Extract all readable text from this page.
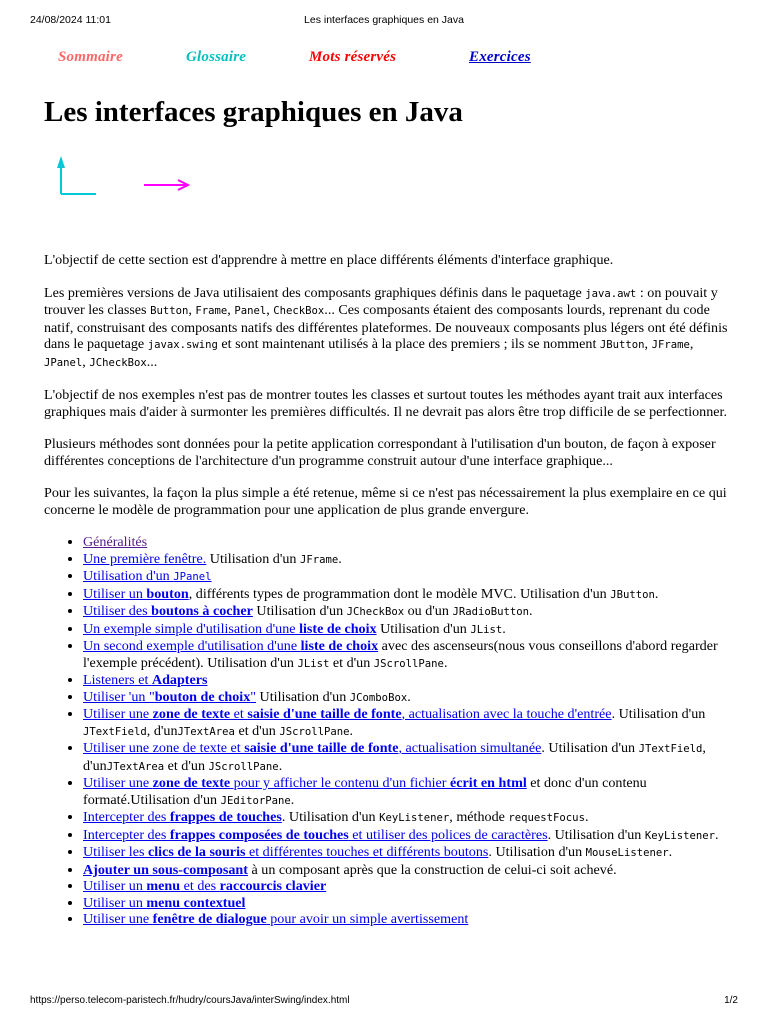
24/08/2024 11:01	Les interfaces graphiques en Java
Sommaire	Glossaire	Mots réservés	Exercices
Les interfaces graphiques en Java

L'objectif de cette section est d'apprendre à mettre en place différents éléments d'interface graphique.

Les premières versions de Java utilisaient des composants graphiques définis dans le paquetage java.awt : on pouvait y trouver les classes Button, Frame, Panel, CheckBox... Ces composants étaient des composants lourds, reprenant du code natif, construisant des composants natifs des différentes plateformes. De nouveaux composants plus légers ont été définis dans le paquetage javax.swing et sont maintenant utilisés à la place des premiers ; ils se nomment JButton, JFrame, JPanel, JCheckBox...

L'objectif de nos exemples n'est pas de montrer toutes les classes et surtout toutes les méthodes ayant trait aux interfaces graphiques mais d'aider à surmonter les premières difficultés. Il ne devrait pas alors être trop difficile de se perfectionner.

Plusieurs méthodes sont données pour la petite application correspondant à l'utilisation d'un bouton, de façon à exposer différentes conceptions de l'architecture d'un programme construit autour d'une interface graphique...

Pour les suivantes, la façon la plus simple a été retenue, même si ce n'est pas nécessairement la plus exemplaire en ce qui concerne le modèle de programmation pour une application de plus grande envergure.

• Généralités
• Une première fenêtre. Utilisation d'un JFrame.
• Utilisation d'un JPanel
• Utiliser un bouton, différents types de programmation dont le modèle MVC. Utilisation d'un JButton.
• Utiliser des boutons à cocher Utilisation d'un JCheckBox ou d'un JRadioButton.
• Un exemple simple d'utilisation d'une liste de choix Utilisation d'un JList.
• Un second exemple d'utilisation d'une liste de choix avec des ascenseurs(nous vous conseillons d'abord regarder l'exemple précédent). Utilisation d'un JList et d'un JScrollPane.
• Listeners et Adapters
• Utiliser 'un "bouton de choix" Utilisation d'un JComboBox.
• Utiliser une zone de texte et saisie d'une taille de fonte, actualisation avec la touche d'entrée. Utilisation d'un JTextField, d'unJTextArea et d'un JScrollPane.
• Utiliser une zone de texte et saisie d'une taille de fonte, actualisation simultanée. Utilisation d'un JTextField, d'unJTextArea et d'un JScrollPane.
• Utiliser une zone de texte pour y afficher le contenu d'un fichier écrit en html et donc d'un contenu formaté.Utilisation d'un JEditorPane.
• Intercepter des frappes de touches. Utilisation d'un KeyListener, méthode requestFocus.
• Intercepter des frappes composées de touches et utiliser des polices de caractères. Utilisation d'un KeyListener.
• Utiliser les clics de la souris et différentes touches et différents boutons. Utilisation d'un MouseListener.
• Ajouter un sous-composant à un composant après que la construction de celui-ci soit achevé.
• Utiliser un menu et des raccourcis clavier
• Utiliser un menu contextuel
• Utiliser une fenêtre de dialogue pour avoir un simple avertissement
https://perso.telecom-paristech.fr/hudry/coursJava/interSwing/index.html	1/2
